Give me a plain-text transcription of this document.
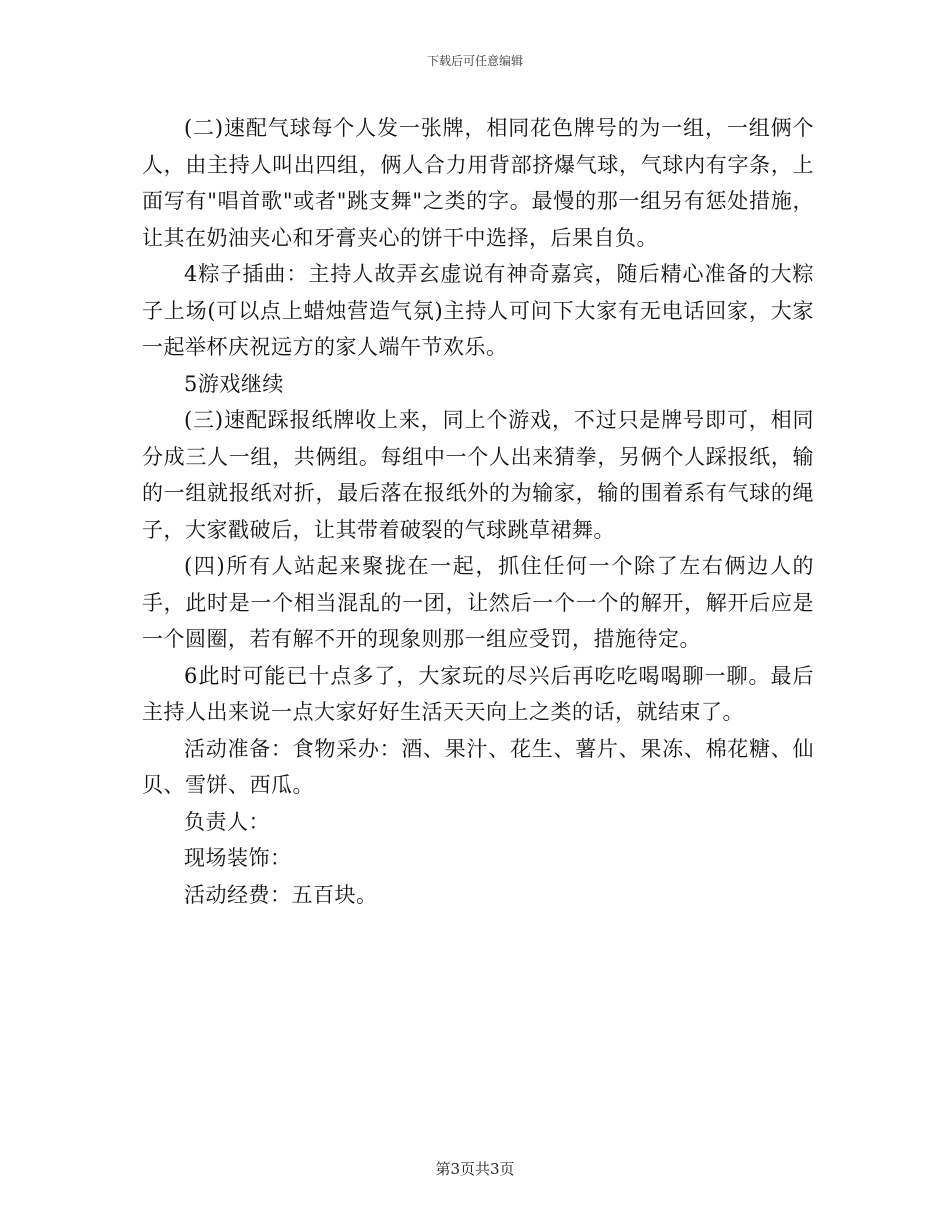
下载后可任意编辑

(二)速配气球每个人发一张牌，相同花色牌号的为一组，一组俩个人，由主持人叫出四组，俩人合力用背部挤爆气球，气球内有字条，上面写有"唱首歌"或者"跳支舞"之类的字。最慢的那一组另有惩处措施，让其在奶油夹心和牙膏夹心的饼干中选择，后果自负。

4粽子插曲：主持人故弄玄虚说有神奇嘉宾，随后精心准备的大粽子上场(可以点上蜡烛营造气氛)主持人可问下大家有无电话回家，大家一起举杯庆祝远方的家人端午节欢乐。

5游戏继续

(三)速配踩报纸牌收上来，同上个游戏，不过只是牌号即可，相同分成三人一组，共俩组。每组中一个人出来猜拳，另俩个人踩报纸，输的一组就报纸对折，最后落在报纸外的为输家，输的围着系有气球的绳子，大家戳破后，让其带着破裂的气球跳草裙舞。

(四)所有人站起来聚拢在一起，抓住任何一个除了左右俩边人的手，此时是一个相当混乱的一团，让然后一个一个的解开，解开后应是一个圆圈，若有解不开的现象则那一组应受罚，措施待定。

6此时可能已十点多了，大家玩的尽兴后再吃吃喝喝聊一聊。最后主持人出来说一点大家好好生活天天向上之类的话，就结束了。

活动准备：食物采办：酒、果汁、花生、薯片、果冻、棉花糖、仙贝、雪饼、西瓜。

负责人：

现场装饰：

活动经费：五百块。

第3页共3页
